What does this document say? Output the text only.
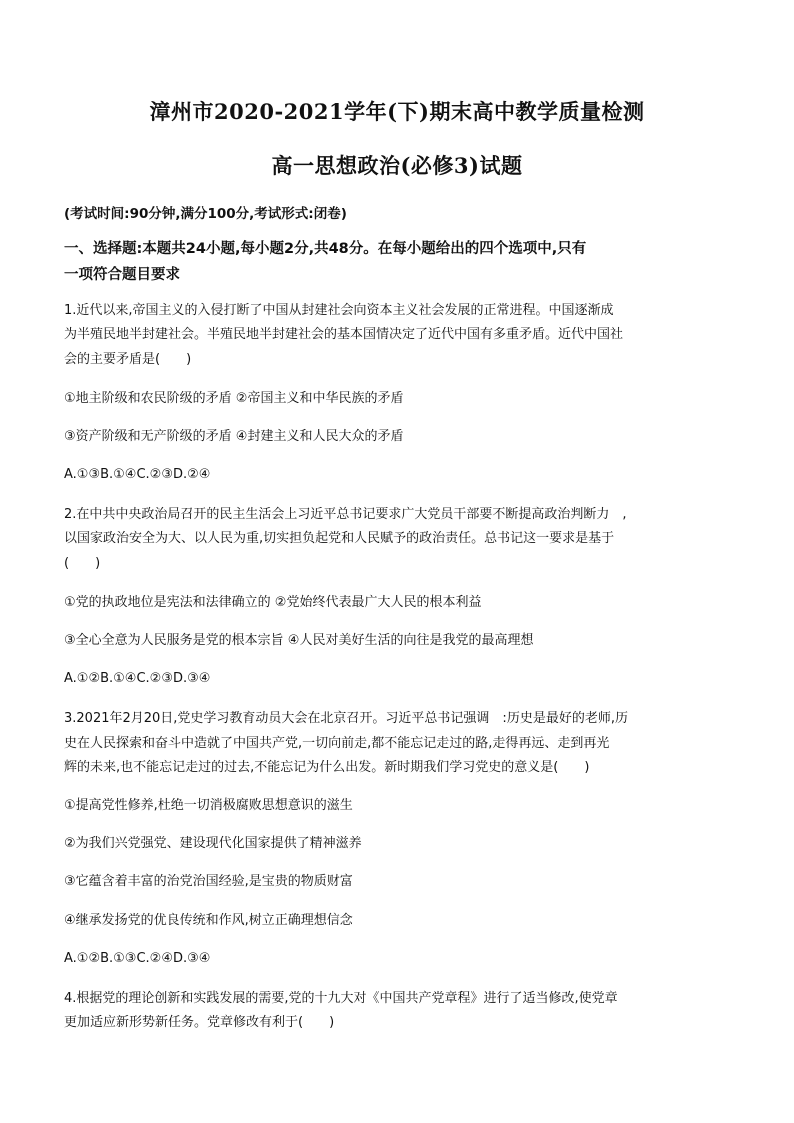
漳州市2020-2021学年(下)期末高中教学质量检测
高一思想政治(必修3)试题
(考试时间:90分钟,满分100分,考试形式:闭卷)
一、选择题:本题共24小题,每小题2分,共48分。在每小题给出的四个选项中,只有
一项符合题目要求
1.近代以来,帝国主义的入侵打断了中国从封建社会向资本主义社会发展的正常进程。中国逐渐成
为半殖民地半封建社会。半殖民地半封建社会的基本国情决定了近代中国有多重矛盾。近代中国社
会的主要矛盾是(　　)
①地主阶级和农民阶级的矛盾 ②帝国主义和中华民族的矛盾
③资产阶级和无产阶级的矛盾 ④封建主义和人民大众的矛盾
A.①③B.①④C.②③D.②④
2.在中共中央政治局召开的民主生活会上习近平总书记要求广大党员干部要不断提高政治判断力　,
以国家政治安全为大、以人民为重,切实担负起党和人民赋予的政治责任。总书记这一要求是基于
(　　)
①党的执政地位是宪法和法律确立的 ②党始终代表最广大人民的根本利益
③全心全意为人民服务是党的根本宗旨 ④人民对美好生活的向往是我党的最高理想
A.①②B.①④C.②③D.③④
3.2021年2月20日,党史学习教育动员大会在北京召开。习近平总书记强调　:历史是最好的老师,历
史在人民探索和奋斗中造就了中国共产党,一切向前走,都不能忘记走过的路,走得再远、走到再光
辉的未来,也不能忘记走过的过去,不能忘记为什么出发。新时期我们学习党史的意义是(　　)
①提高党性修养,杜绝一切消极腐败思想意识的滋生
②为我们兴党强党、建设现代化国家提供了精神滋养
③它蕴含着丰富的治党治国经验,是宝贵的物质财富
④继承发扬党的优良传统和作风,树立正确理想信念
A.①②B.①③C.②④D.③④
4.根据党的理论创新和实践发展的需要,党的十九大对《中国共产党章程》进行了适当修改,使党章
更加适应新形势新任务。党章修改有利于(　　)
